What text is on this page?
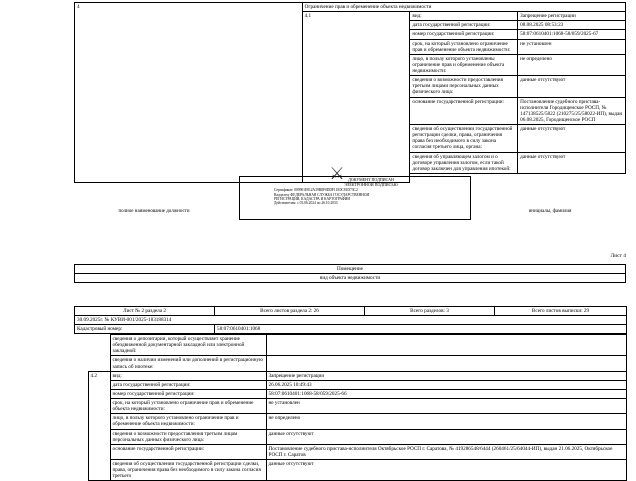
4	Ограничение прав и обременение объекта недвижимости		
	4.1	вид:	Запрещение регистрации
		дата государственной регистрации:	08.08.2025 08:53:23
		номер государственной регистрации:	58:07:0610401:1068-58/059/2025-67
		срок, на который установлено ограничение прав и обременение объекта недвижимости:	не установлен
		лицо, в пользу которого установлены ограничение прав и обременение объекта недвижимости:	не определено
		сведения о возможности предоставления третьим лицами персональных данных физического лица:	данные отсутствуют
		основание государственной регистрации:	Постановление судебного пристава-исполнителя Городищенское РОСП, № 147138525/5822 (210275/25/58022-ИП), выдан 06.08.2025, Городищенское РОСП
		сведения об осуществлении государственной регистрации сделки, права, ограничения права без необходимого в силу закона согласия третьего лица, органа:	данные отсутствуют
		сведения об управляющем залогом и о договоре управления залогом, если такой договор заключен для управления ипотекой:	данные отсутствуют

⚔ ДОКУМЕНТ ПОДПИСАН
ЭЛЕКТРОННОЙ ПОДПИСЬЮ
Сертификат: 009901E812A39B8F0DDF11E0C81D73C2
Владелец: ФЕДЕРАЛЬНАЯ СЛУЖБА ГОСУДАРСТВЕННОЙ
РЕГИСТРАЦИИ, КАДАСТРА И КАРТОГРАФИИ
Действителен: с 03.06.2024 по 26.10.2033
полное наименование должности	инициалы, фамилия
Лист 4
Помещение
вид объекта недвижимости
Лист № 2 раздела 2	Всего листов раздела 2: 26	Всего разделов: 3	Всего листов выписки: 29
30.09.2025г. № КУВИ-001/2025-183188314			
Кадастровый номер:	58:07:0610401:1068		
		сведения о депозитарии, который осуществляет хранение обездвиженной документарной закладной или электронной закладной:	
		сведения о наличии изменений или дополнений в регистрационную запись об ипотеке:	
	4.2	вид:	Запрещение регистрации
		дата государственной регистрации:	26.06.2025 10:49:43
		номер государственной регистрации:	58:07:0610401:1068-58/059/2025-66
		срок, на который установлено ограничение прав и обременение объекта недвижимости:	не установлен
		лицо, в пользу которого установлено ограничение прав и обременение объекта недвижимости:	не определено
		сведения о возможности предоставления третьим лицам персональных данных физического лица:	данные отсутствуют
		основание государственной регистрации:	Постановление судебного пристава-исполнителя Октябрьское РОСП г. Саратова, № 419286548/6444 (260461/25/64044-ИП), выдан 21.06.2025, Октябрьское РОСП г. Саратов
		сведения об осуществлении государственной регистрации сделки, права, ограничения права без необходимого в силу закона согласия третьего	данные отсутствуют
